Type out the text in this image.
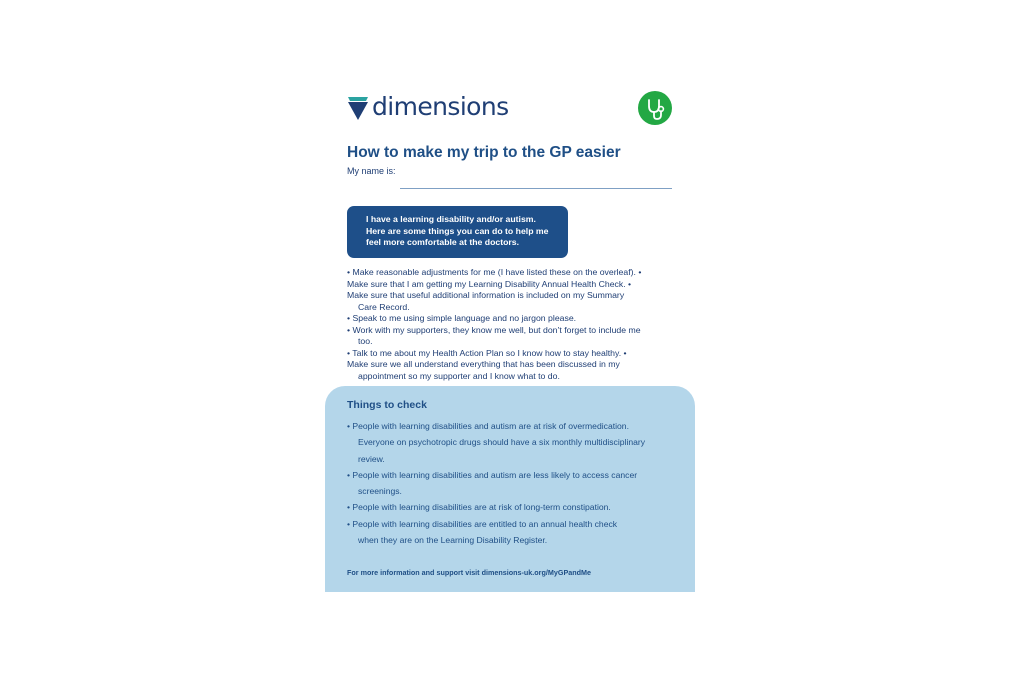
dimensions
How to make my trip to the GP easier
My name is:
I have a learning disability and/or autism.
Here are some things you can do to help me
feel more comfortable at the doctors.
• Make reasonable adjustments for me (I have listed these on the overleaf). •
Make sure that I am getting my Learning Disability Annual Health Check. •
Make sure that useful additional information is included on my Summary
Care Record.
• Speak to me using simple language and no jargon please.
• Work with my supporters, they know me well, but don’t forget to include me
too.
• Talk to me about my Health Action Plan so I know how to stay healthy. •
Make sure we all understand everything that has been discussed in my
appointment so my supporter and I know what to do.
Things to check
• People with learning disabilities and autism are at risk of overmedication.
Everyone on psychotropic drugs should have a six monthly multidisciplinary
review.
• People with learning disabilities and autism are less likely to access cancer
screenings.
• People with learning disabilities are at risk of long-term constipation.
• People with learning disabilities are entitled to an annual health check
when they are on the Learning Disability Register.
For more information and support visit dimensions-uk.org/MyGPandMe
